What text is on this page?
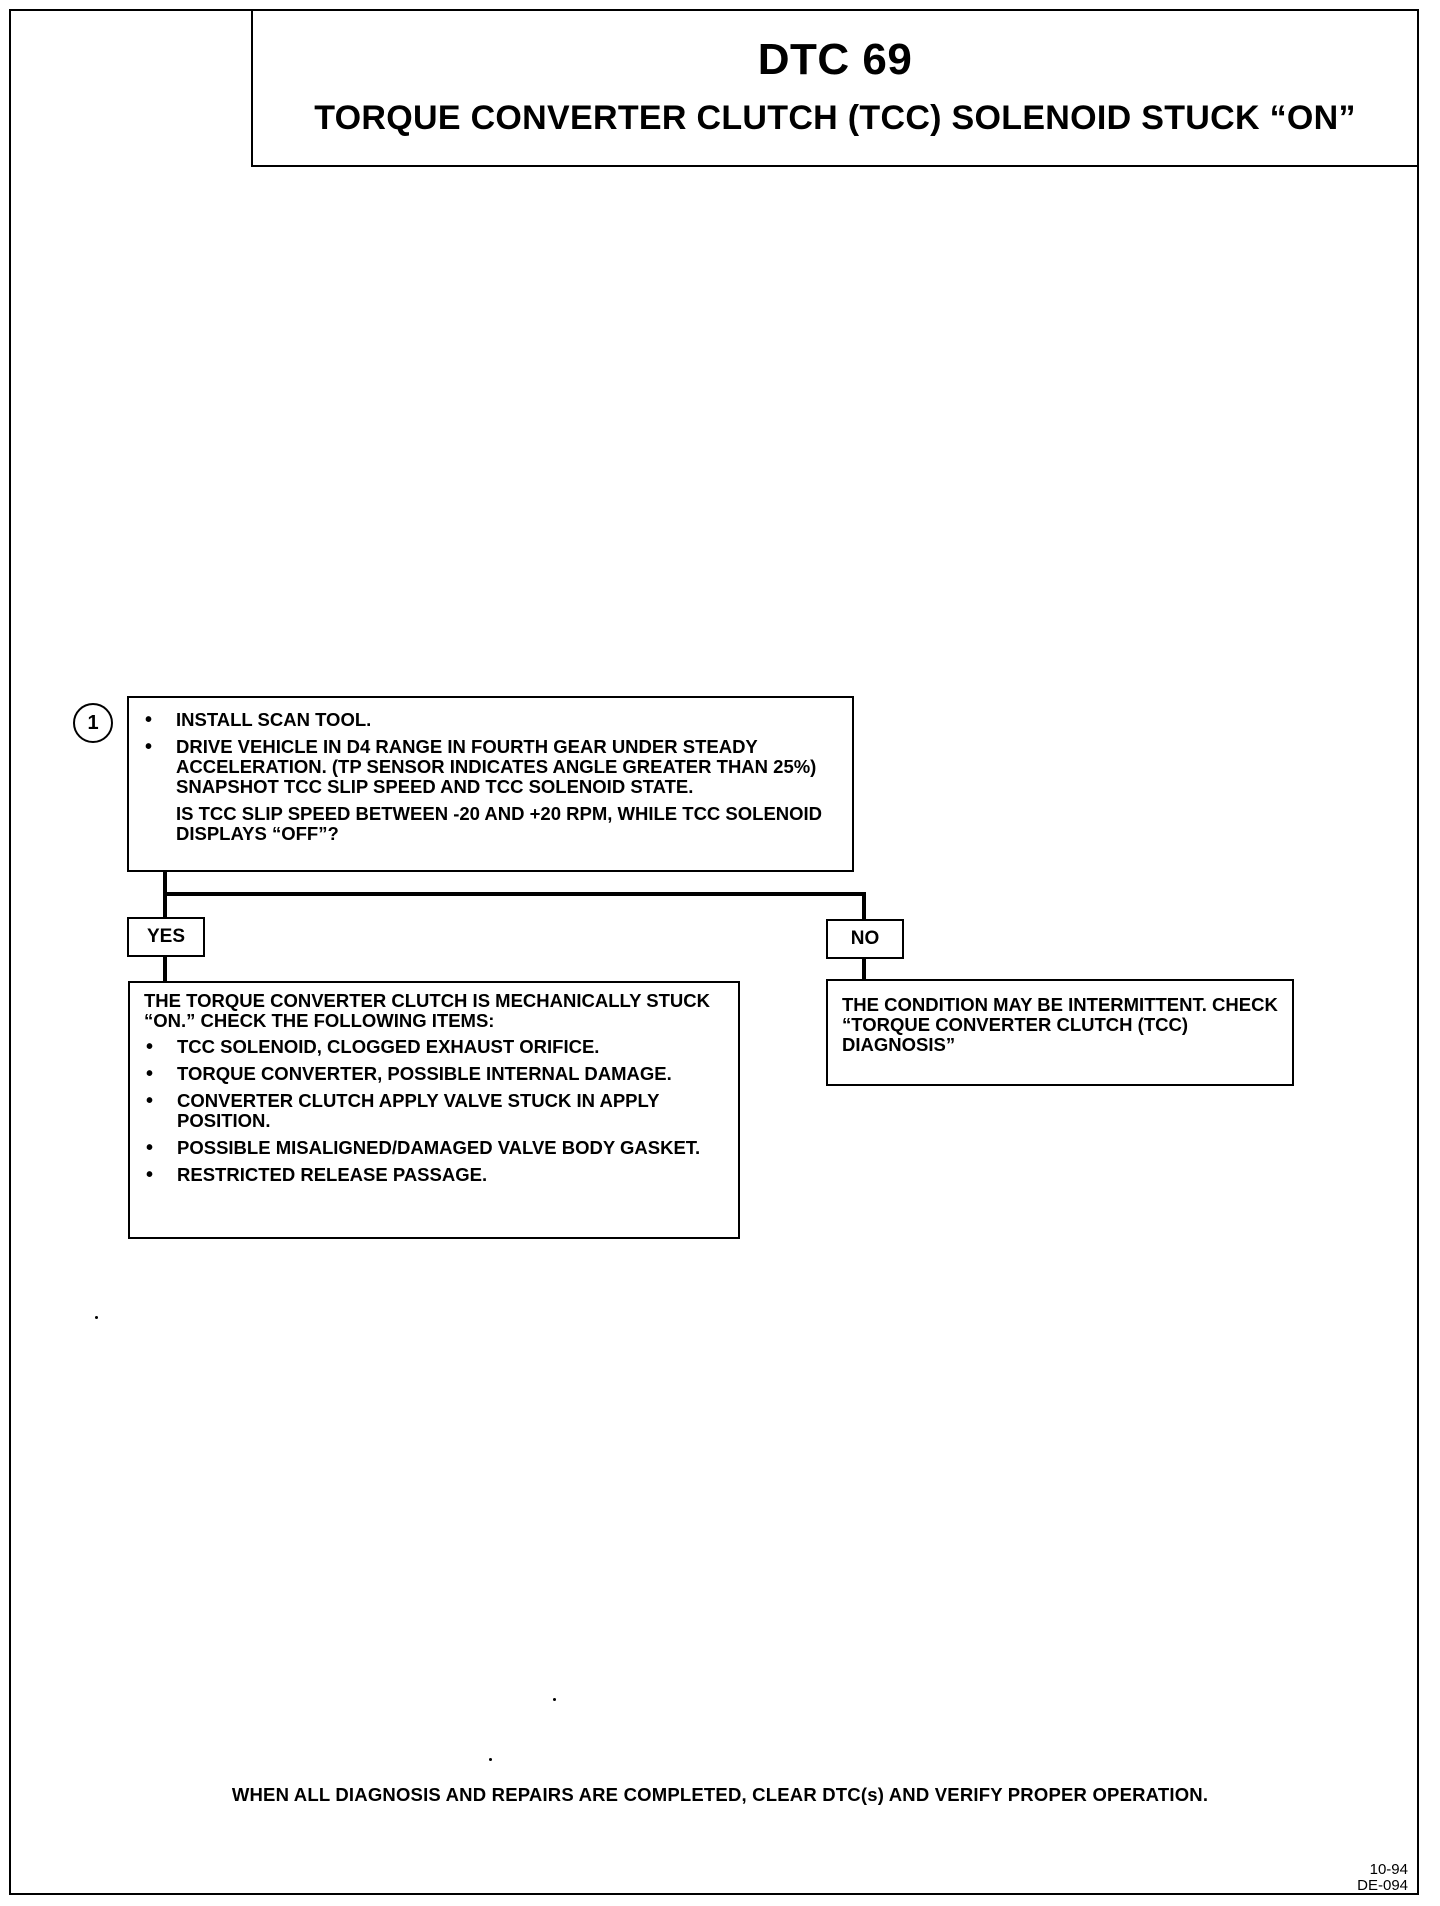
DTC 69
TORQUE CONVERTER CLUTCH (TCC) SOLENOID STUCK “ON”
1
•	INSTALL SCAN TOOL.
• DRIVE VEHICLE IN D4 RANGE IN FOURTH GEAR UNDER STEADY ACCELERATION. (TP SENSOR INDICATES ANGLE GREATER THAN 25%) SNAPSHOT TCC SLIP SPEED AND TCC SOLENOID STATE.
IS TCC SLIP SPEED BETWEEN -20 AND +20 RPM, WHILE TCC SOLENOID DISPLAYS “OFF”?
YES	NO
THE TORQUE CONVERTER CLUTCH IS MECHANICALLY STUCK “ON.” CHECK THE FOLLOWING ITEMS:
• TCC SOLENOID, CLOGGED EXHAUST ORIFICE.
• TORQUE CONVERTER, POSSIBLE INTERNAL DAMAGE.
• CONVERTER CLUTCH APPLY VALVE STUCK IN APPLY POSITION.
• POSSIBLE MISALIGNED/DAMAGED VALVE BODY GASKET.
• RESTRICTED RELEASE PASSAGE.
THE CONDITION MAY BE INTERMITTENT. CHECK “TORQUE CONVERTER CLUTCH (TCC) DIAGNOSIS”
WHEN ALL DIAGNOSIS AND REPAIRS ARE COMPLETED, CLEAR DTC(s) AND VERIFY PROPER OPERATION.
10-94
DE-094
